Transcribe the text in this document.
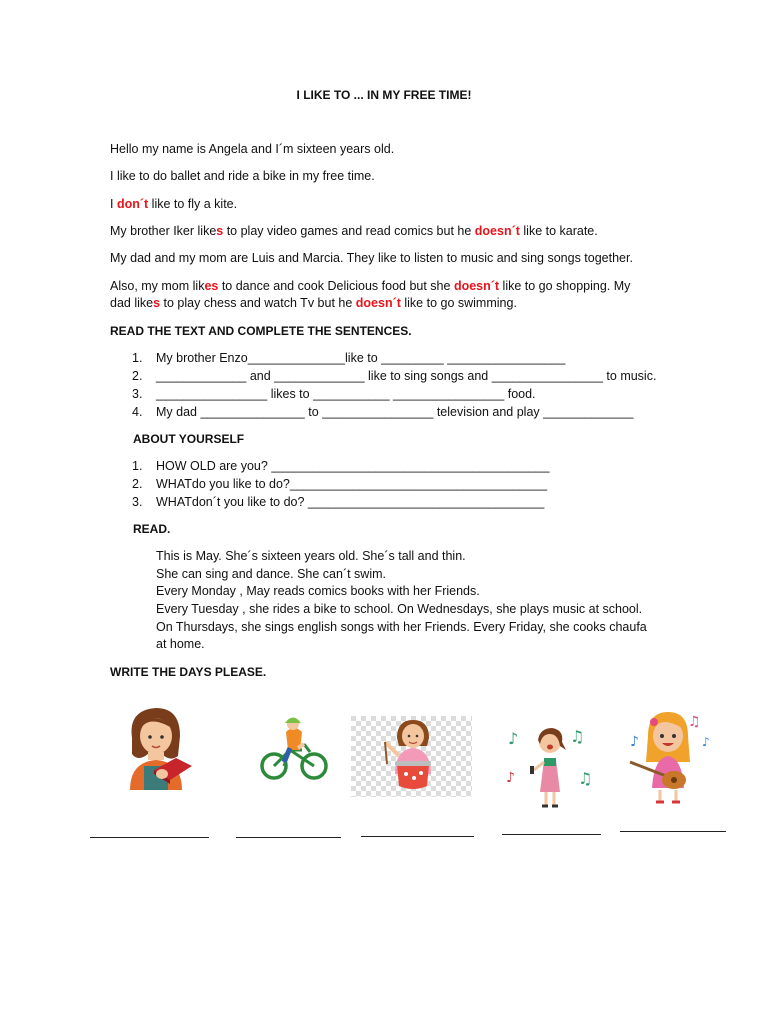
I LIKE TO ... IN MY FREE TIME!
Hello my name is Angela and I´m sixteen years old.
I like to do ballet and ride a bike in my free time.
I don´t like to fly a kite.
My brother Iker likes to play video games and read comics but he doesn´t like to karate.
My dad and my mom are Luis and Marcia. They like to listen to music and sing songs together.
Also, my mom likes to dance and cook Delicious food but she doesn´t like to go shopping. My
dad likes to play chess and watch Tv but he doesn´t like to go swimming.
READ THE TEXT AND COMPLETE THE SENTENCES.
1. My brother Enzo______________like to _________ _________________
2. _____________ and _____________ like to sing songs and ________________ to music.
3. ________________ likes to ___________ ________________ food.
4. My dad _______________ to ________________ television and play _____________
ABOUT YOURSELF
1. HOW OLD are you? ________________________________________
2. WHATdo you like to do?_____________________________________
3. WHATdon´t you like to do? __________________________________
READ.
This is May. She´s sixteen years old. She´s tall and thin.
She can sing and dance. She can´t swim.
Every Monday , May reads comics books with her Friends.
Every Tuesday , she rides a bike to school. On Wednesdays, she plays music at school.
On Thursdays, she sings english songs with her Friends. Every Friday, she cooks chaufa
at home.
WRITE THE DAYS PLEASE.
♪	♫
♪	♫
♪
♫
♪
